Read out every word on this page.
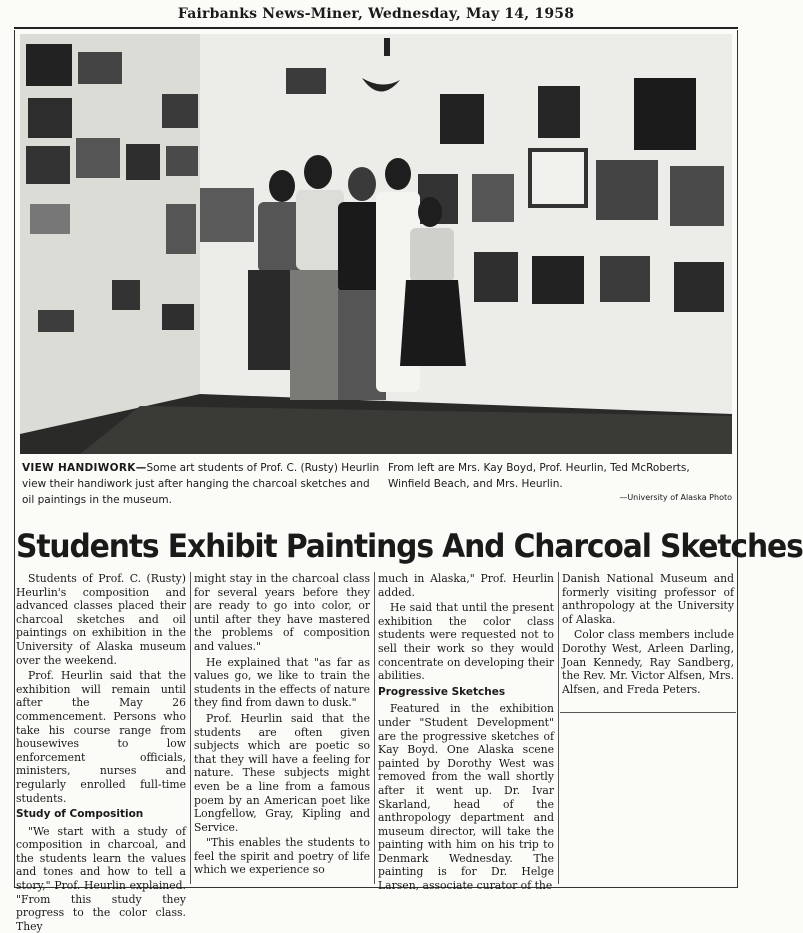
Fairbanks News-Miner, Wednesday, May 14, 1958
VIEW HANDIWORK—Some art students of Prof. C. (Rusty) Heurlin view their handiwork just after hanging the charcoal sketches and oil paintings in the museum.
From left are Mrs. Kay Boyd, Prof. Heurlin, Ted McRoberts, Winfield Beach, and Mrs. Heurlin.
—University of Alaska Photo
Students Exhibit Paintings And Charcoal Sketches

Students of Prof. C. (Rusty) Heurlin's composition and advanced classes placed their charcoal sketches and oil paintings on exhibition in the University of Alaska museum over the weekend.

Prof. Heurlin said that the exhibition will remain until after the May 26 commencement. Persons who take his course range from housewives to low enforcement officials, ministers, nurses and regularly enrolled full-time students.

Study of Composition

"We start with a study of composition in charcoal, and the students learn the values and tones and how to tell a story," Prof. Heurlin explained. "From this study they progress to the color class. They

might stay in the charcoal class for several years before they are ready to go into color, or until after they have mastered the problems of composition and values."

He explained that "as far as values go, we like to train the students in the effects of nature they find from dawn to dusk."

Prof. Heurlin said that the students are often given subjects which are poetic so that they will have a feeling for nature. These subjects might even be a line from a famous poem by an American poet like Longfellow, Gray, Kipling and Service.

"This enables the students to feel the spirit and poetry of life which we experience so

much in Alaska," Prof. Heurlin added.

He said that until the present exhibition the color class students were requested not to sell their work so they would concentrate on developing their abilities.

Progressive Sketches

Featured in the exhibition under "Student Development" are the progressive sketches of Kay Boyd. One Alaska scene painted by Dorothy West was removed from the wall shortly after it went up. Dr. Ivar Skarland, head of the anthropology department and museum director, will take the painting with him on his trip to Denmark Wednesday. The painting is for Dr. Helge Larsen, associate curator of the

Danish National Museum and formerly visiting professor of anthropology at the University of Alaska.

Color class members include Dorothy West, Arleen Darling, Joan Kennedy, Ray Sandberg, the Rev. Mr. Victor Alfsen, Mrs. Alfsen, and Freda Peters.
